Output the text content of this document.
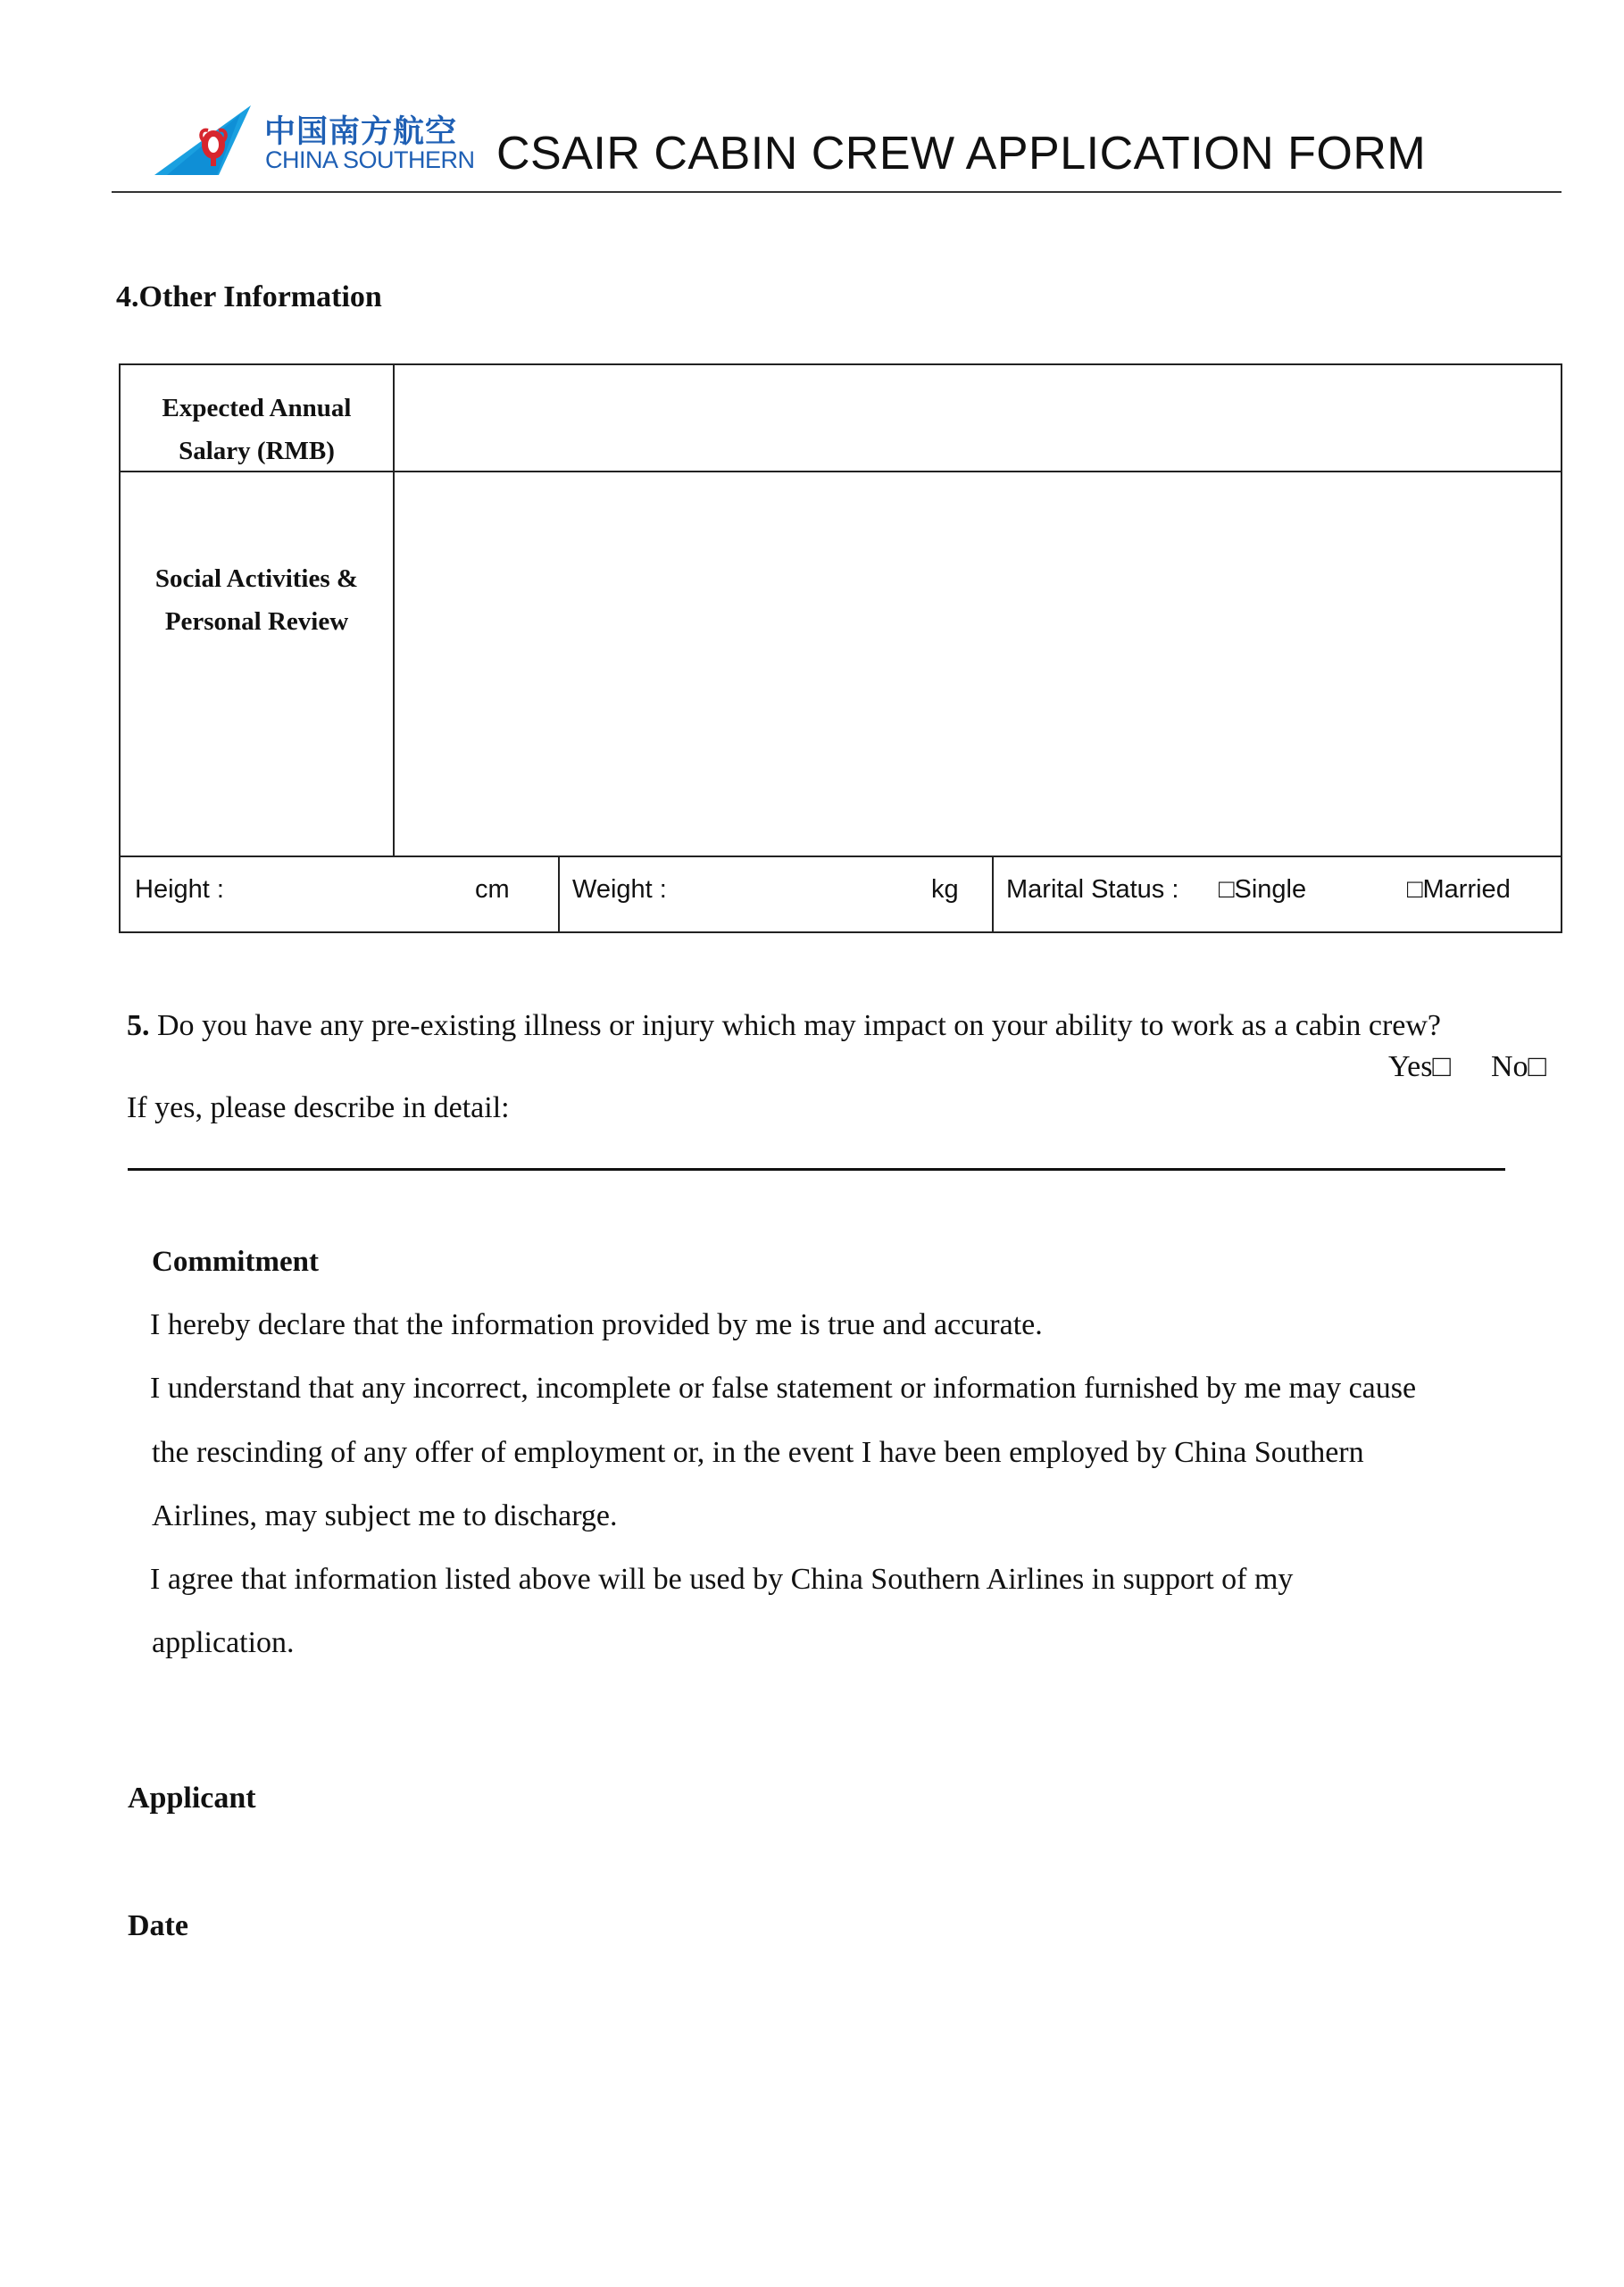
中国南方航空
CHINA SOUTHERN CSAIR CABIN CREW APPLICATION FORM
4.Other Information
Expected Annual
Salary (RMB)
Social Activities &
Personal Review
Height :	cm Weight :	kg Marital Status : □Single	□Married
5. Do you have any pre-existing illness or injury which may impact on your ability to work as a cabin crew?
Yes□ No□
If yes, please describe in detail:
Commitment
I hereby declare that the information provided by me is true and accurate.
I understand that any incorrect, incomplete or false statement or information furnished by me may cause
the rescinding of any offer of employment or, in the event I have been employed by China Southern
Airlines, may subject me to discharge.
I agree that information listed above will be used by China Southern Airlines in support of my
application.
Applicant
Date
